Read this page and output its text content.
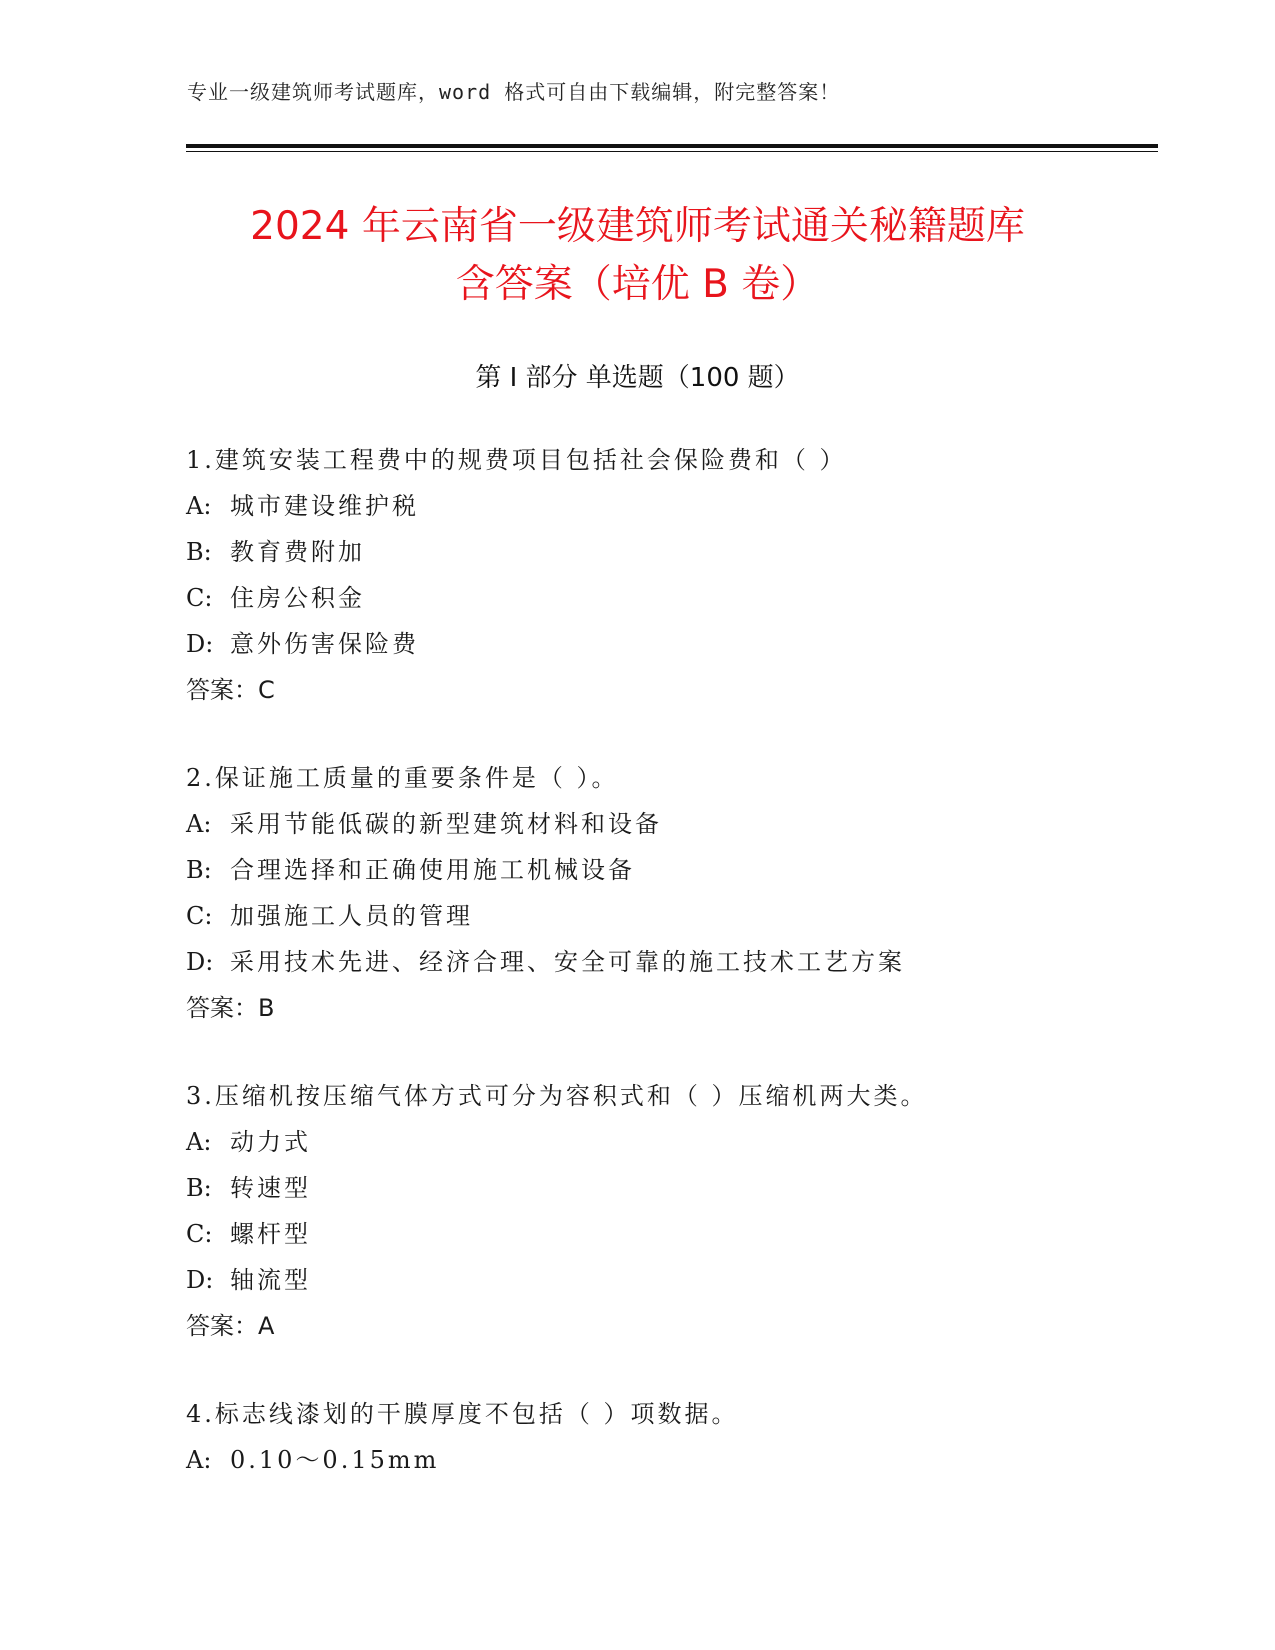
专业一级建筑师考试题库，word 格式可自由下载编辑，附完整答案！
2024 年云南省一级建筑师考试通关秘籍题库
含答案（培优 B 卷）
第 I 部分 单选题（100 题）
1.建筑安装工程费中的规费项目包括社会保险费和（ ）
A: 城市建设维护税
B: 教育费附加
C: 住房公积金
D: 意外伤害保险费
答案：C
2.保证施工质量的重要条件是（ ）。
A: 采用节能低碳的新型建筑材料和设备
B: 合理选择和正确使用施工机械设备
C: 加强施工人员的管理
D: 采用技术先进、经济合理、安全可靠的施工技术工艺方案
答案：B
3.压缩机按压缩气体方式可分为容积式和（ ）压缩机两大类。
A: 动力式
B: 转速型
C: 螺杆型
D: 轴流型
答案：A
4.标志线漆划的干膜厚度不包括（ ）项数据。
A: 0.10～0.15mm
